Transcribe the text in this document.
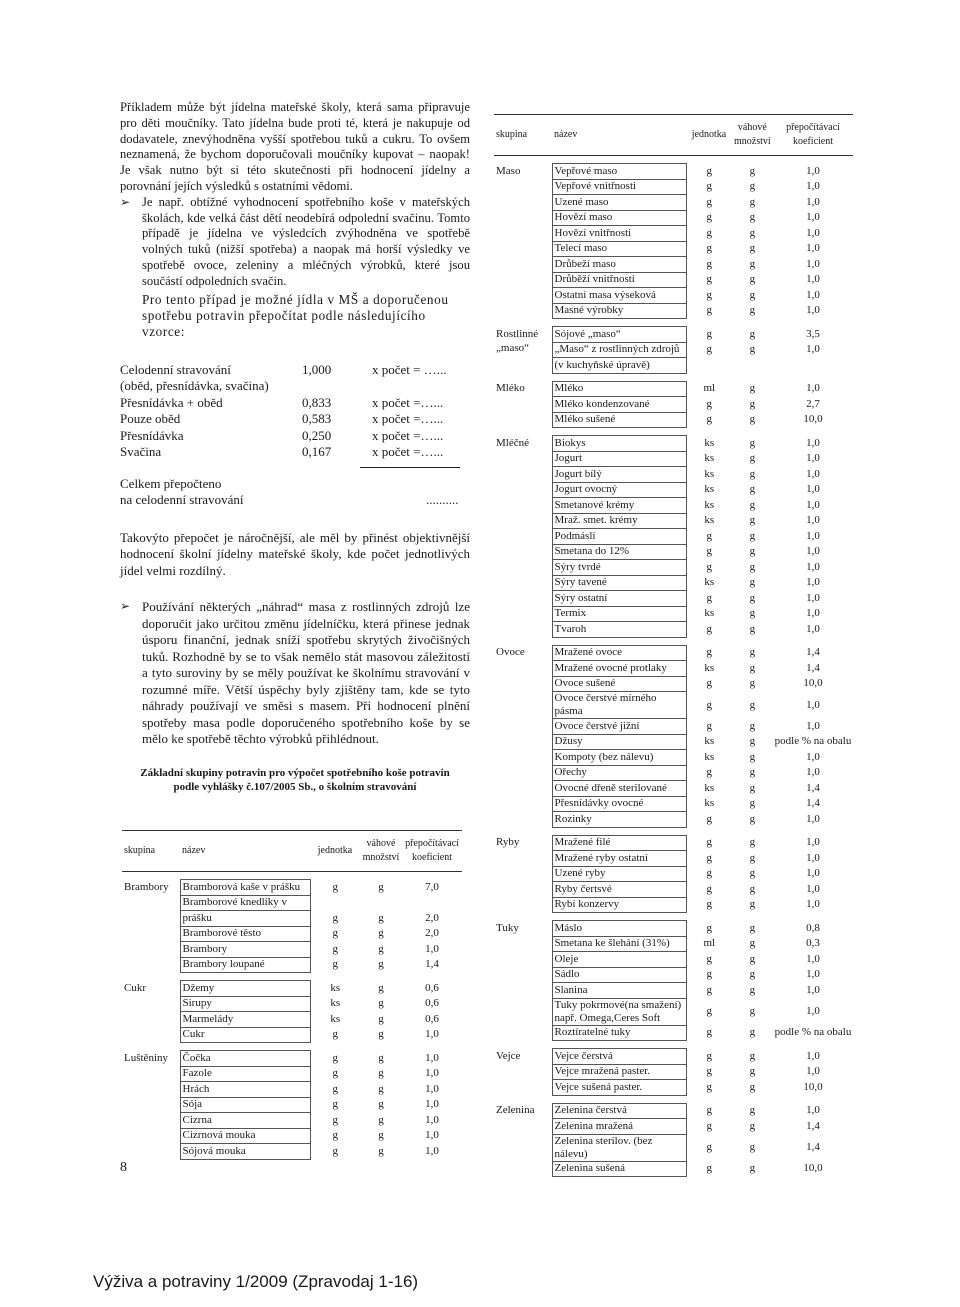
Příkladem může být jídelna mateřské školy, která sama připravuje pro děti moučníky. Tato jídelna bude proti té, která je nakupuje od dodavatele, znevýhodněna vyšší spotřebou tuků a cukru. To ovšem neznamená, že bychom doporučovali moučníky kupovat – naopak! Je však nutno být si této skutečnosti při hodnocení jídelny a porovnání jejích výsledků s ostatními vědomi.

➢ Je např. obtížné vyhodnocení spotřebního koše v mateřských školách, kde velká část dětí neodebírá odpolední svačinu. Tomto případě je jídelna ve výsledcích zvýhodněna ve spotřebě volných tuků (nižší spotřeba) a naopak má horší výsledky ve spotřebě ovoce, zeleniny a mléčných výrobků, které jsou součástí odpoledních svačin.

Pro tento případ je možné jídla v MŠ a doporučenou spotřebu potravin přepočítat podle následujícího vzorce:

Celodenní stravování	1,000	x počet = …...
(oběd, přesnídávka, svačina)
Přesnídávka + oběd	0,833	x počet =…...
Pouze oběd	0,583	x počet =…...
Přesnídávka	0,250	x počet =…...
Svačina	0,167	x počet =…...
Celkem přepočteno
na celodenní stravování	..........

Takovýto přepočet je náročnější, ale měl by přinést objektivnější hodnocení školní jídelny mateřské školy, kde počet jednotlivých jídel velmi rozdílný.

➢ Používání některých „náhrad“ masa z rostlinných zdrojů lze doporučit jako určitou změnu jídelníčku, která přinese jednak úsporu finanční, jednak sníží spotřebu skrytých živočišných tuků. Rozhodně by se to však nemělo stát masovou záležitostí a tyto suroviny by se měly používat ke školnímu stravování v rozumné míře. Větší úspěchy byly zjištěny tam, kde se tyto náhrady používají ve směsi s masem. Při hodnocení plnění spotřeby masa podle doporučeného spotřebního koše by se mělo ke spotřebě těchto výrobků přihlédnout.

Základní skupiny potravin pro výpočet spotřebního koše potravin
podle vyhlášky č.107/2005 Sb., o školním stravování
skupina	název	jednotka	váhové
množství	přepočítávací
koeficient

Brambory	Bramborová kaše v prášku	g	g	7,0
	Bramborové knedlíky v			
	prášku	g	g	2,0
	Bramborové těsto	g	g	2,0
	Brambory	g	g	1,0
	Brambory loupané	g	g	1,4

Cukr	Džemy	ks	g	0,6
	Sirupy	ks	g	0,6
	Marmelády	ks	g	0,6
	Cukr	g	g	1,0

Luštěniny	Čočka	g	g	1,0
	Fazole	g	g	1,0
	Hrách	g	g	1,0
	Sója	g	g	1,0
	Cizrna	g	g	1,0
	Cizrnová mouka	g	g	1,0
	Sójová mouka	g	g	1,0
skupina	název	jednotka	váhové
množství	přepočítávací
koeficient

Maso	Vepřové maso	g	g	1,0
	Vepřové vnitřnosti	g	g	1,0
	Uzené maso	g	g	1,0
	Hovězí maso	g	g	1,0
	Hovězí vnitřnosti	g	g	1,0
	Telecí maso	g	g	1,0
	Drůbeží maso	g	g	1,0
	Drůběží vnitřnosti	g	g	1,0
	Ostatní masa výseková	g	g	1,0
	Masné výrobky	g	g	1,0

Rostlinné „maso“	Sójové „maso“	g	g	3,5
	„Maso“ z rostlinných zdrojů	g	g	1,0
	(v kuchyňské úpravě)			

Mléko	Mléko	ml	g	1,0
	Mléko kondenzované	g	g	2,7
	Mléko sušené	g	g	10,0

Mléčné	Biokys	ks	g	1,0
	Jogurt	ks	g	1,0
	Jogurt bílý	ks	g	1,0
	Jogurt ovocný	ks	g	1,0
	Smetanové krémy	ks	g	1,0
	Mraž. smet. krémy	ks	g	1,0
	Podmáslí	g	g	1,0
	Smetana do 12%	g	g	1,0
	Sýry tvrdé	g	g	1,0
	Sýry tavené	ks	g	1,0
	Sýry ostatní	g	g	1,0
	Termix	ks	g	1,0
	Tvaroh	g	g	1,0

Ovoce	Mražené ovoce	g	g	1,4
	Mražené ovocné protlaky	ks	g	1,4
	Ovoce sušené	g	g	10,0
	Ovoce čerstvé mírného pásma	g	g	1,0
	Ovoce čerstvé jižní	g	g	1,0
	Džusy	ks	g	podle % na obalu
	Kompoty (bez nálevu)	ks	g	1,0
	Ořechy	g	g	1,0
	Ovocné dřeně sterilované	ks	g	1,4
	Přesnídávky ovocné	ks	g	1,4
	Rozinky	g	g	1,0

Ryby	Mražené filé	g	g	1,0
	Mražené ryby ostatní	g	g	1,0
	Uzené ryby	g	g	1,0
	Ryby čertsvé	g	g	1,0
	Rybí konzervy	g	g	1,0

Tuky	Máslo	g	g	0,8
	Smetana ke šlehání (31%)	ml	g	0,3
	Oleje	g	g	1,0
	Sádlo	g	g	1,0
	Slanina	g	g	1,0
	Tuky pokrmové(na smažení) např. Omega,Ceres Soft	g	g	1,0
	Roztíratelné tuky	g	g	podle % na obalu

Vejce	Vejce čerstvá	g	g	1,0
	Vejce mražená paster.	g	g	1,0
	Vejce sušená paster.	g	g	10,0

Zelenina	Zelenina čerstvá	g	g	1,0
	Zelenina mražená	g	g	1,4
	Zelenina sterilov. (bez nálevu)	g	g	1,4
	Zelenina sušená	g	g	10,0
8
Výživa a potraviny 1/2009 (Zpravodaj 1-16)
